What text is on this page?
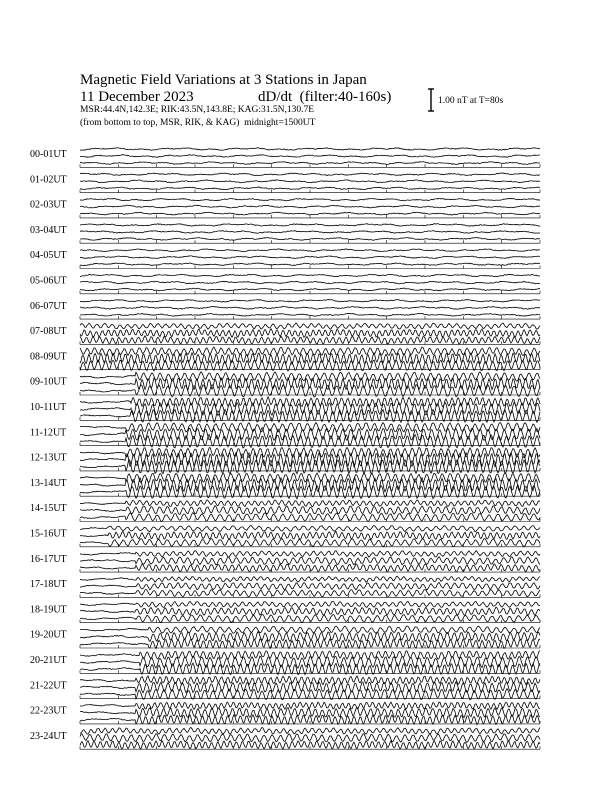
Magnetic Field Variations at 3 Stations in Japan
11 December 2023	dD/dt (filter:40-160s)
MSR:44.4N,142.3E; RIK:43.5N,143.8E; KAG:31.5N,130.7E
(from bottom to top, MSR, RIK, & KAG) midnight=1500UT
1.00 nT at T=80s
00-01UT
01-02UT
02-03UT
03-04UT
04-05UT
05-06UT
06-07UT
07-08UT
08-09UT
09-10UT
10-11UT
11-12UT
12-13UT
13-14UT
14-15UT
15-16UT
16-17UT
17-18UT
18-19UT
19-20UT
20-21UT
21-22UT
22-23UT
23-24UT
